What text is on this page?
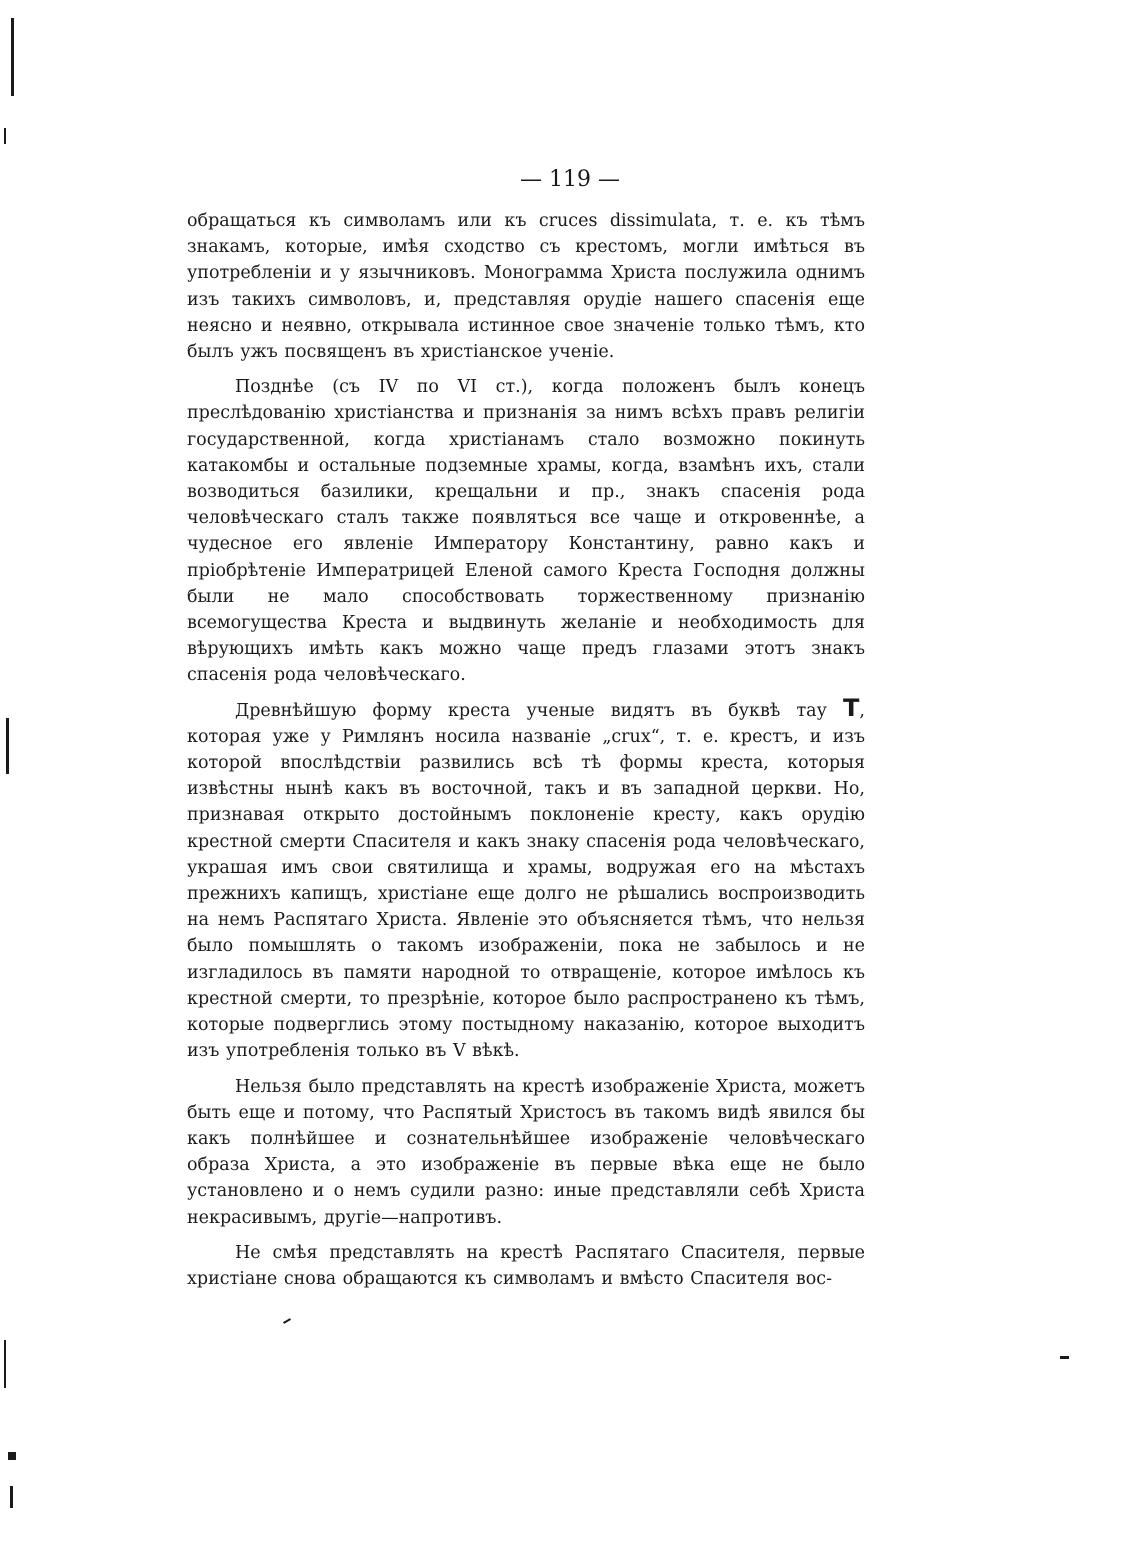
— 119 —

обращаться къ символамъ или къ cruces dissimulata, т. е. къ тѣмъ знакамъ, которые, имѣя сходство съ крестомъ, могли имѣться въ употребленіи и у язычниковъ. Монограмма Христа послужила однимъ изъ такихъ символовъ, и, представляя орудіе нашего спасенія еще неясно и неявно, открывала истинное свое значеніе только тѣмъ, кто былъ ужъ посвященъ въ христіанское ученіе.

Позднѣе (съ IV по VI ст.), когда положенъ былъ конецъ преслѣдованію христіанства и признанія за нимъ всѣхъ правъ религіи государственной, когда христіанамъ стало возможно покинуть катакомбы и остальные подземные храмы, когда, взамѣнъ ихъ, стали возводиться базилики, крещальни и пр., знакъ спасенія рода человѣческаго сталъ также появляться все чаще и откровеннѣе, а чудесное его явленіе Императору Константину, равно какъ и пріобрѣтеніе Императрицей Еленой самого Креста Господня должны были не мало способствовать торжественному признанію всемогущества Креста и выдвинуть желаніе и необходимость для вѣрующихъ имѣть какъ можно чаще предъ глазами этотъ знакъ спасенія рода человѣческаго.

Древнѣйшую форму креста ученые видятъ въ буквѣ тау T, которая уже у Римлянъ носила названіе „crux“, т. е. крестъ, и изъ которой впослѣдствіи развились всѣ тѣ формы креста, которыя извѣстны нынѣ какъ въ восточной, такъ и въ западной церкви. Но, признавая открыто достойнымъ поклоненіе кресту, какъ орудію крестной смерти Спасителя и какъ знаку спасенія рода человѣческаго, украшая имъ свои святилища и храмы, водружая его на мѣстахъ прежнихъ капищъ, христіане еще долго не рѣшались воспроизводить на немъ Распятаго Христа. Явленіе это объясняется тѣмъ, что нельзя было помышлять о такомъ изображеніи, пока не забылось и не изгладилось въ памяти народной то отвращеніе, которое имѣлось къ крестной смерти, то презрѣніе, которое было распространено къ тѣмъ, которые подверглись этому постыдному наказанію, которое выходитъ изъ употребленія только въ V вѣкѣ.

Нельзя было представлять на крестѣ изображеніе Христа, можетъ быть еще и потому, что Распятый Христосъ въ такомъ видѣ явился бы какъ полнѣйшее и сознательнѣйшее изображеніе человѣческаго образа Христа, а это изображеніе въ первые вѣка еще не было установлено и о немъ судили разно: иные представляли себѣ Христа некрасивымъ, другіе—напротивъ.

Не смѣя представлять на крестѣ Распятаго Спасителя, первые христіане снова обращаются къ символамъ и вмѣсто Спасителя вос-
